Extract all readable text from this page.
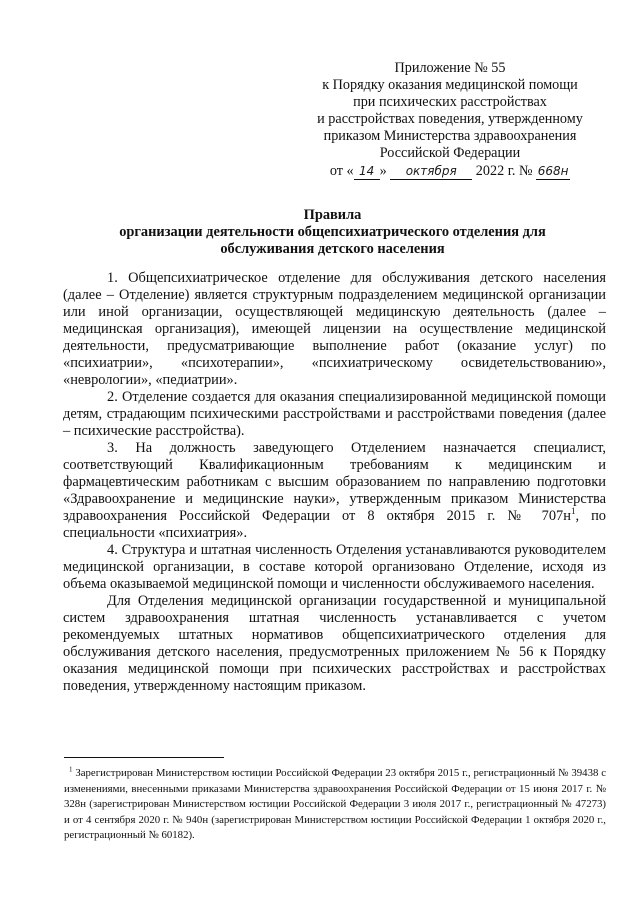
Приложение № 55
к Порядку оказания медицинской помощи
при психических расстройствах
и расстройствах поведения, утвержденному
приказом Министерства здравоохранения
Российской Федерации
от « 14 » октября 2022 г. № 668н
Правила
организации деятельности общепсихиатрического отделения для
обслуживания детского населения

1. Общепсихиатрическое отделение для обслуживания детского населения (далее – Отделение) является структурным подразделением медицинской организации или иной организации, осуществляющей медицинскую деятельность (далее – медицинская организация), имеющей лицензии на осуществление медицинской деятельности, предусматривающие выполнение работ (оказание услуг) по «психиатрии», «психотерапии», «психиатрическому освидетельствованию», «неврологии», «педиатрии».

2. Отделение создается для оказания специализированной медицинской помощи детям, страдающим психическими расстройствами и расстройствами поведения (далее – психические расстройства).

3. На должность заведующего Отделением назначается специалист, соответствующий Квалификационным требованиям к медицинским и фармацевтическим работникам с высшим образованием по направлению подготовки «Здравоохранение и медицинские науки», утвержденным приказом Министерства здравоохранения Российской Федерации от 8 октября 2015 г. № $707н^1$, по специальности «психиатрия».

4. Структура и штатная численность Отделения устанавливаются руководителем медицинской организации, в составе которой организовано Отделение, исходя из объема оказываемой медицинской помощи и численности обслуживаемого населения.

Для Отделения медицинской организации государственной и муниципальной систем здравоохранения штатная численность устанавливается с учетом рекомендуемых штатных нормативов общепсихиатрического отделения для обслуживания детского населения, предусмотренных приложением № 56 к Порядку оказания медицинской помощи при психических расстройствах и расстройствах поведения, утвержденному настоящим приказом.

$^1$ Зарегистрирован Министерством юстиции Российской Федерации 23 октября 2015 г., регистрационный № 39438 с изменениями, внесенными приказами Министерства здравоохранения Российской Федерации от 15 июня 2017 г. № 328н (зарегистрирован Министерством юстиции Российской Федерации 3 июля 2017 г., регистрационный № 47273) и от 4 сентября 2020 г. № 940н (зарегистрирован Министерством юстиции Российской Федерации 1 октября 2020 г., регистрационный № 60182).
